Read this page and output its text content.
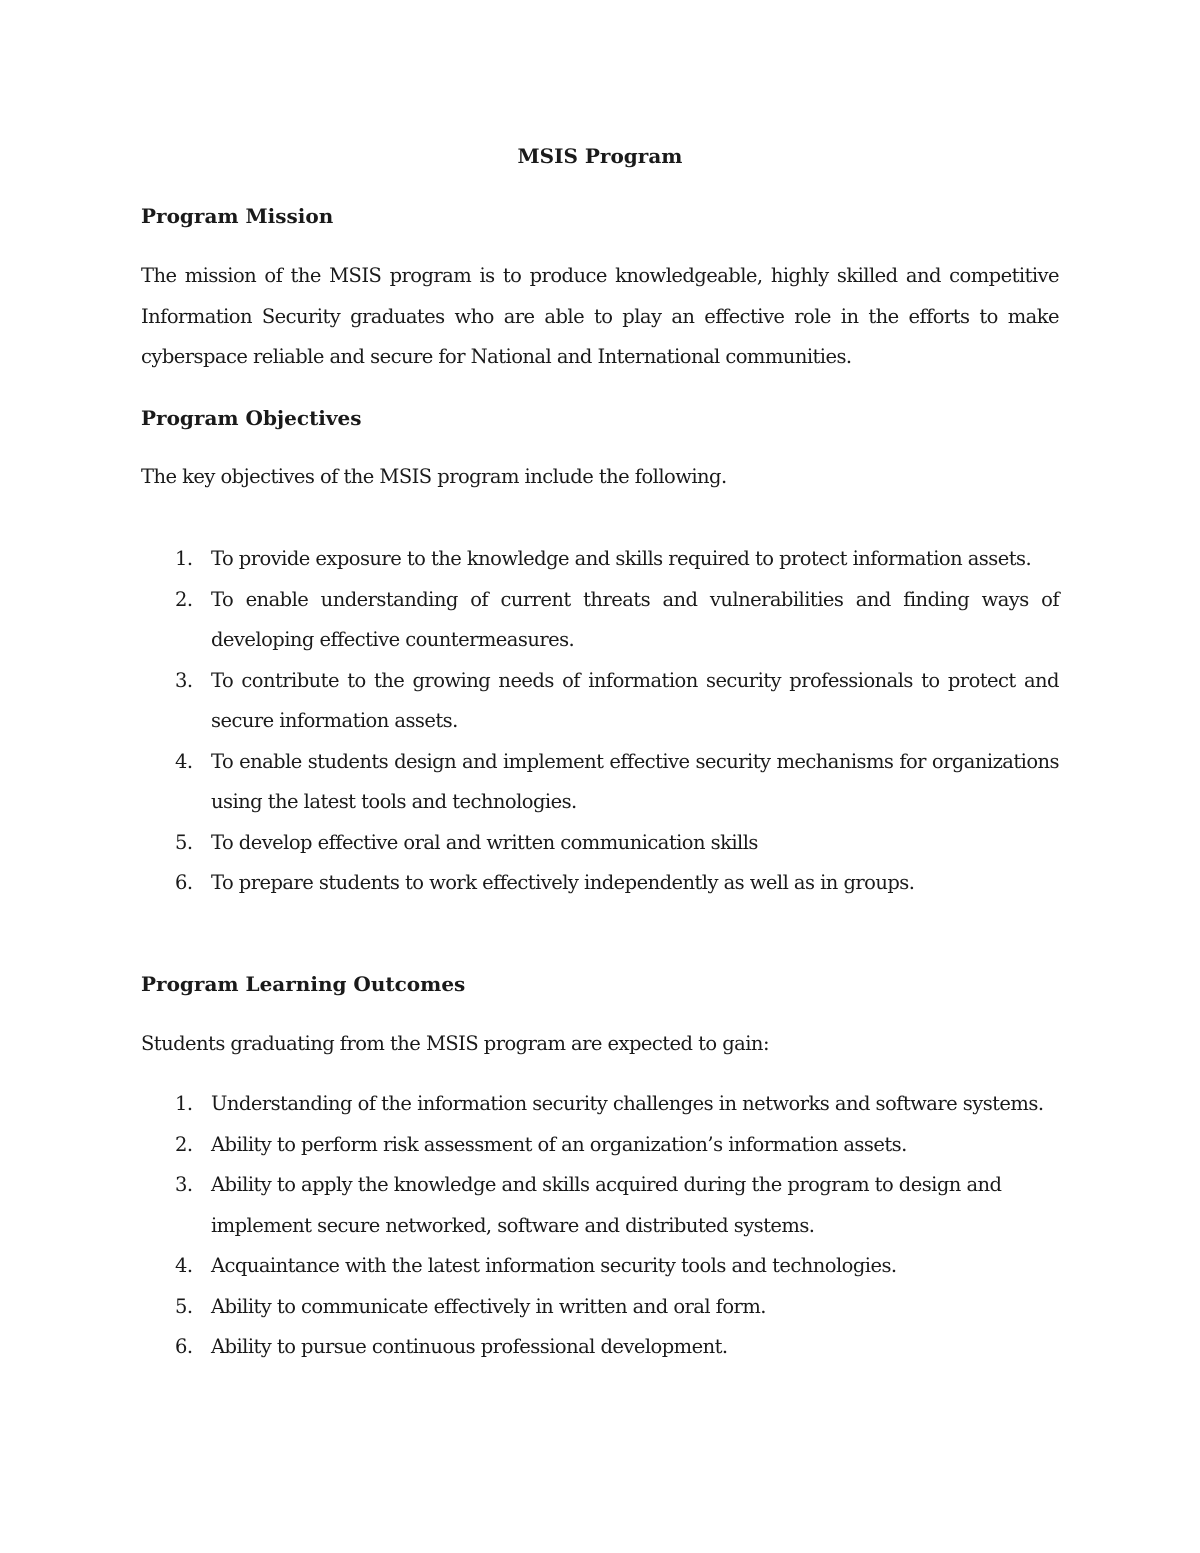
MSIS Program
Program Mission

The mission of the MSIS program is to produce knowledgeable, highly skilled and competitive Information Security graduates who are able to play an effective role in the efforts to make cyberspace reliable and secure for National and International communities.

Program Objectives

The key objectives of the MSIS program include the following.

1. To provide exposure to the knowledge and skills required to protect information assets.
2. To enable understanding of current threats and vulnerabilities and finding ways of developing effective countermeasures.
3. To contribute to the growing needs of information security professionals to protect and secure information assets.
4. To enable students design and implement effective security mechanisms for organizations using the latest tools and technologies.
5. To develop effective oral and written communication skills
6. To prepare students to work effectively independently as well as in groups.
Program Learning Outcomes

Students graduating from the MSIS program are expected to gain:

1. Understanding of the information security challenges in networks and software systems.
2. Ability to perform risk assessment of an organization’s information assets.
3. Ability to apply the knowledge and skills acquired during the program to design and implement secure networked, software and distributed systems.
4. Acquaintance with the latest information security tools and technologies.
5. Ability to communicate effectively in written and oral form.
6. Ability to pursue continuous professional development.
